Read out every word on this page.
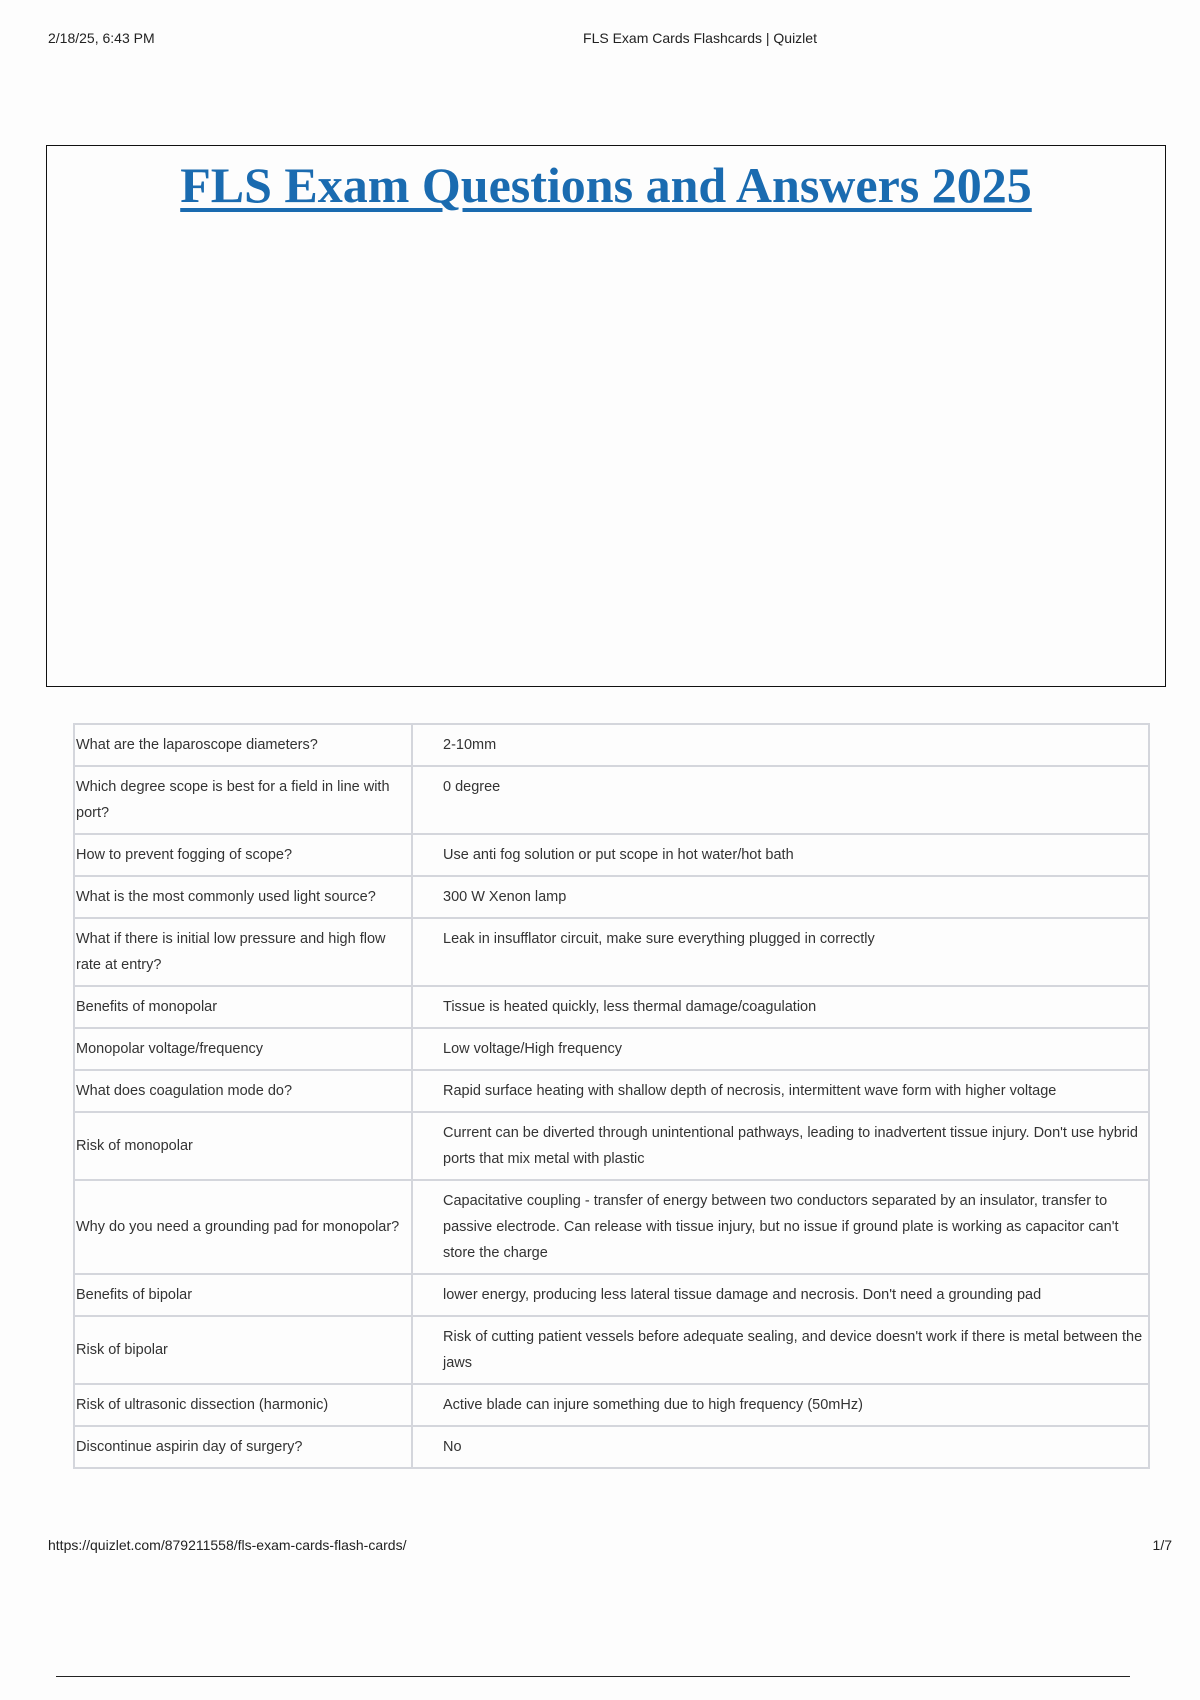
2/18/25, 6:43 PM	FLS Exam Cards Flashcards | Quizlet
FLS Exam Questions and Answers 2025
What are the laparoscope diameters?	2-10mm
Which degree scope is best for a field in line with port?	0 degree
How to prevent fogging of scope?	Use anti fog solution or put scope in hot water/hot bath
What is the most commonly used light source?	300 W Xenon lamp
What if there is initial low pressure and high flow rate at entry?	Leak in insufflator circuit, make sure everything plugged in correctly
Benefits of monopolar	Tissue is heated quickly, less thermal damage/coagulation
Monopolar voltage/frequency	Low voltage/High frequency
What does coagulation mode do?	Rapid surface heating with shallow depth of necrosis, intermittent wave form with higher voltage
Risk of monopolar	Current can be diverted through unintentional pathways, leading to inadvertent tissue injury. Don't use hybrid ports that mix metal with plastic
Why do you need a grounding pad for monopolar?	Capacitative coupling - transfer of energy between two conductors separated by an insulator, transfer to passive electrode. Can release with tissue injury, but no issue if ground plate is working as capacitor can't store the charge
Benefits of bipolar	lower energy, producing less lateral tissue damage and necrosis. Don't need a grounding pad
Risk of bipolar	Risk of cutting patient vessels before adequate sealing, and device doesn't work if there is metal between the jaws
Risk of ultrasonic dissection (harmonic)	Active blade can injure something due to high frequency (50mHz)
Discontinue aspirin day of surgery?	No
https://quizlet.com/879211558/fls-exam-cards-flash-cards/	1/7
